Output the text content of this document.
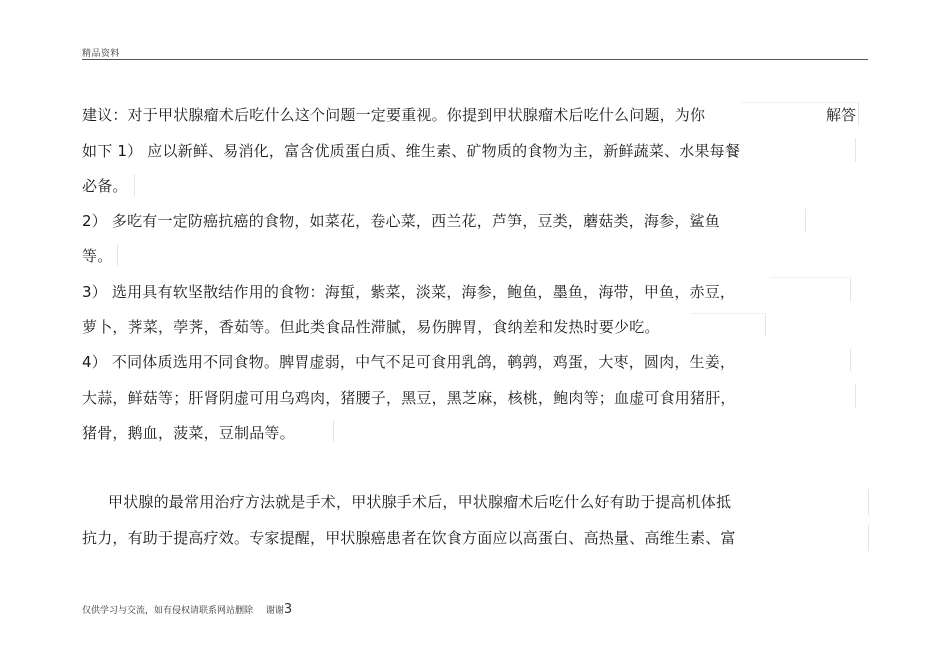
精品资料
建议：对于甲状腺瘤术后吃什么这个问题一定要重视。你提到甲状腺瘤术后吃什么问题，为你	解答
如下 1） 应以新鲜、易消化，富含优质蛋白质、维生素、矿物质的食物为主，新鲜蔬菜、水果每餐
必备。
2） 多吃有一定防癌抗癌的食物，如菜花，卷心菜，西兰花，芦笋，豆类，蘑菇类，海参，鲨鱼
等。
3） 选用具有软坚散结作用的食物：海蜇，紫菜，淡菜，海参，鲍鱼，墨鱼，海带，甲鱼，赤豆，
萝卜，荠菜，荸荠，香茹等。但此类食品性滞腻，易伤脾胃，食纳差和发热时要少吃。
4） 不同体质选用不同食物。脾胃虚弱，中气不足可食用乳鸽，鹌鹑，鸡蛋，大枣，圆肉，生姜，
大蒜，鲜菇等；肝肾阴虚可用乌鸡肉，猪腰子，黑豆，黑芝麻，核桃，鲍肉等；血虚可食用猪肝，
猪骨，鹅血，菠菜，豆制品等。
甲状腺的最常用治疗方法就是手术，甲状腺手术后，甲状腺瘤术后吃什么好有助于提高机体抵
抗力，有助于提高疗效。专家提醒，甲状腺癌患者在饮食方面应以高蛋白、高热量、高维生素、富
仅供学习与交流，如有侵权请联系网站删除 谢谢3
